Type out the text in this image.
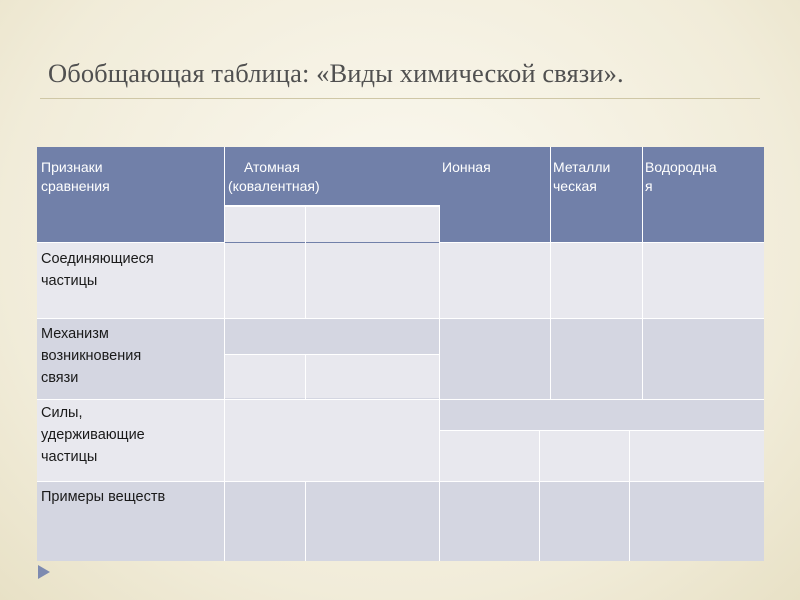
Обобщающая таблица: «Виды химической связи».
Признаки
сравнения
Атомная
(ковалентная)
Ионная	Металли
ческая
Водородна
я
Соединяющиеся
частицы
Механизм
возникновения
связи
Силы,
удерживающие
частицы
Примеры веществ
